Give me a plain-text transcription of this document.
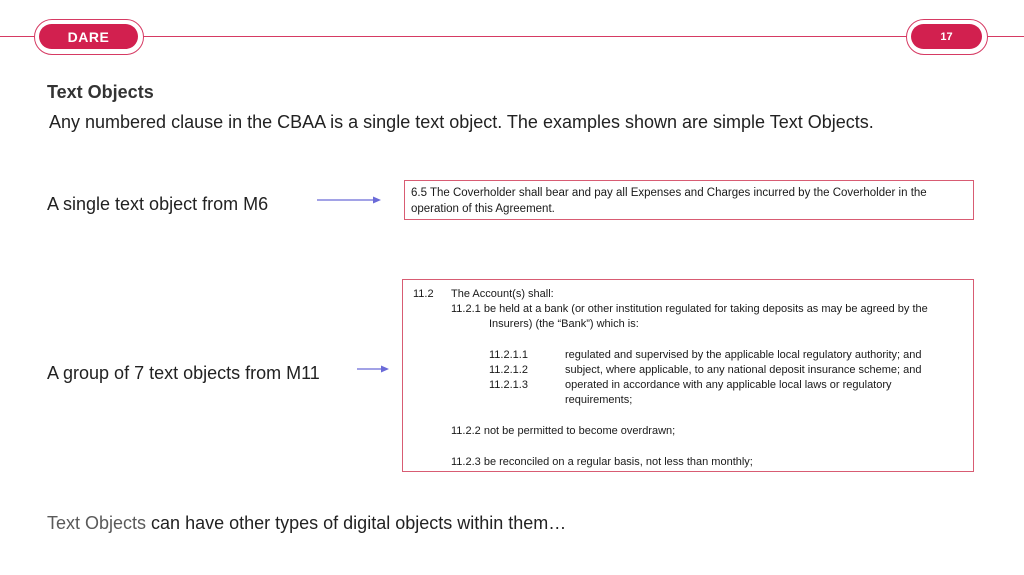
DARE	17
Text Objects
Any numbered clause in the CBAA is a single text object. The examples shown are simple Text Objects.
A single text object from M6
6.5 The Coverholder shall bear and pay all Expenses and Charges incurred by the Coverholder in the
operation of this Agreement.
A group of 7 text objects from M11
11.2 The Account(s) shall:
11.2.1 be held at a bank (or other institution regulated for taking deposits as may be agreed by the
Insurers) (the “Bank”) which is:
11.2.1.1	regulated and supervised by the applicable local regulatory authority; and
11.2.1.2	subject, where applicable, to any national deposit insurance scheme; and
11.2.1.3	operated in accordance with any applicable local laws or regulatory
requirements;
11.2.2 not be permitted to become overdrawn;
11.2.3 be reconciled on a regular basis, not less than monthly;
Text Objects can have other types of digital objects within them…
